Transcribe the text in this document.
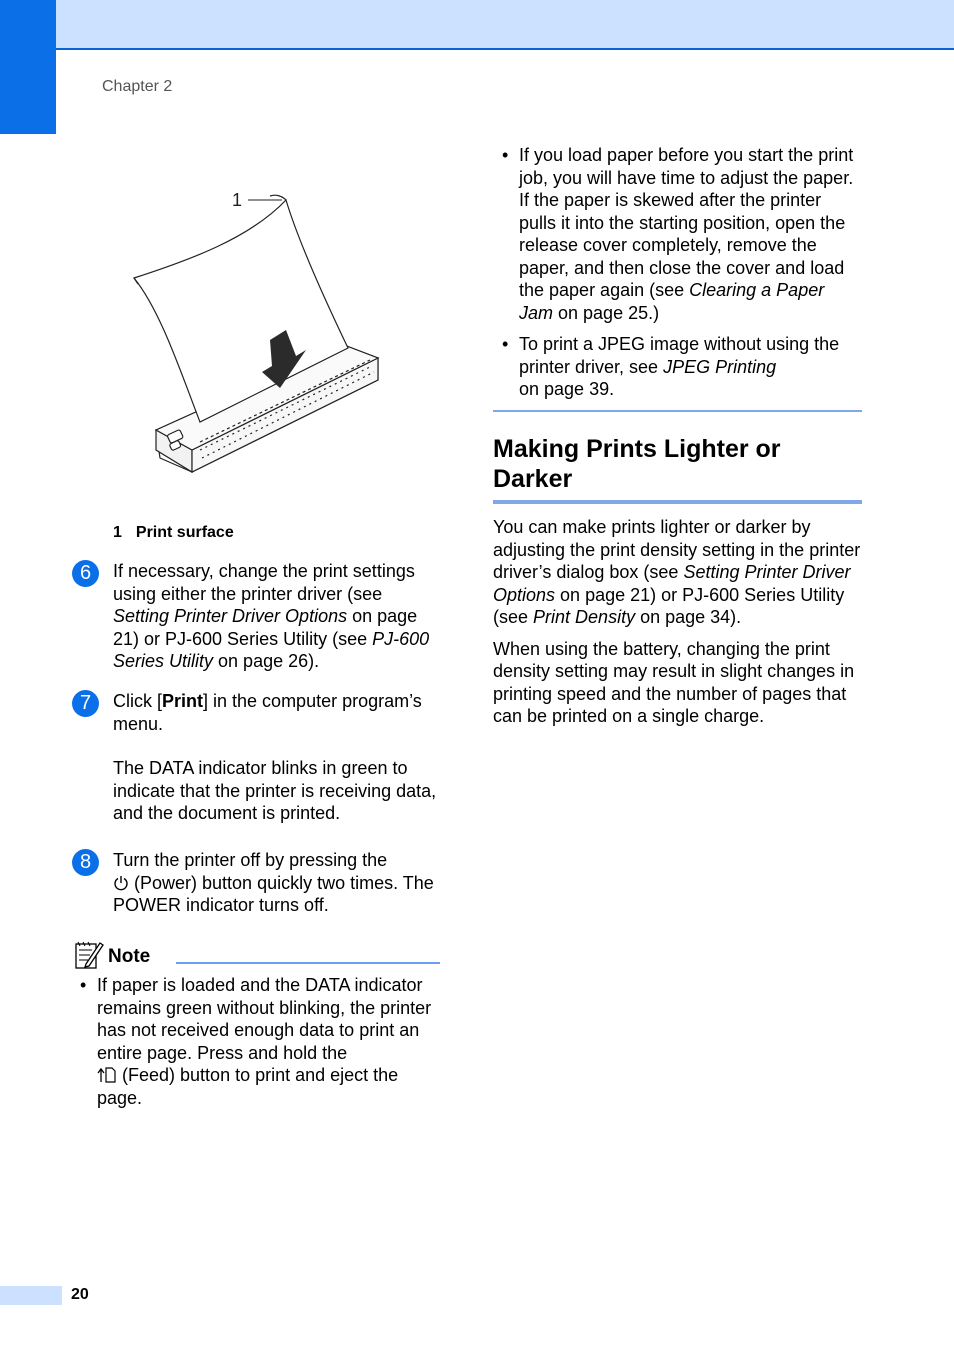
Chapter 2
1
1 Print surface
6	If necessary, change the print settings using either the printer driver (see Setting Printer Driver Options on page 21) or PJ-600 Series Utility (see PJ-600 Series Utility on page 26).

7	Click [Print] in the computer program’s menu.

The DATA indicator blinks in green to indicate that the printer is receiving data, and the document is printed.

8	Turn the printer off by pressing the
(Power) button quickly two times. The POWER indicator turns off.

Note
• If paper is loaded and the DATA indicator remains green without blinking, the printer has not received enough data to print an entire page. Press and hold the
(Feed) button to print and eject the page.
• If you load paper before you start the print job, you will have time to adjust the paper. If the paper is skewed after the printer pulls it into the starting position, open the release cover completely, remove the paper, and then close the cover and load the paper again (see Clearing a Paper Jam on page 25.)
• To print a JPEG image without using the printer driver, see JPEG Printing
on page 39.
Making Prints Lighter or Darker

You can make prints lighter or darker by adjusting the print density setting in the printer driver’s dialog box (see Setting Printer Driver Options on page 21) or PJ-600 Series Utility (see Print Density on page 34).

When using the battery, changing the print density setting may result in slight changes in printing speed and the number of pages that can be printed on a single charge.

20
